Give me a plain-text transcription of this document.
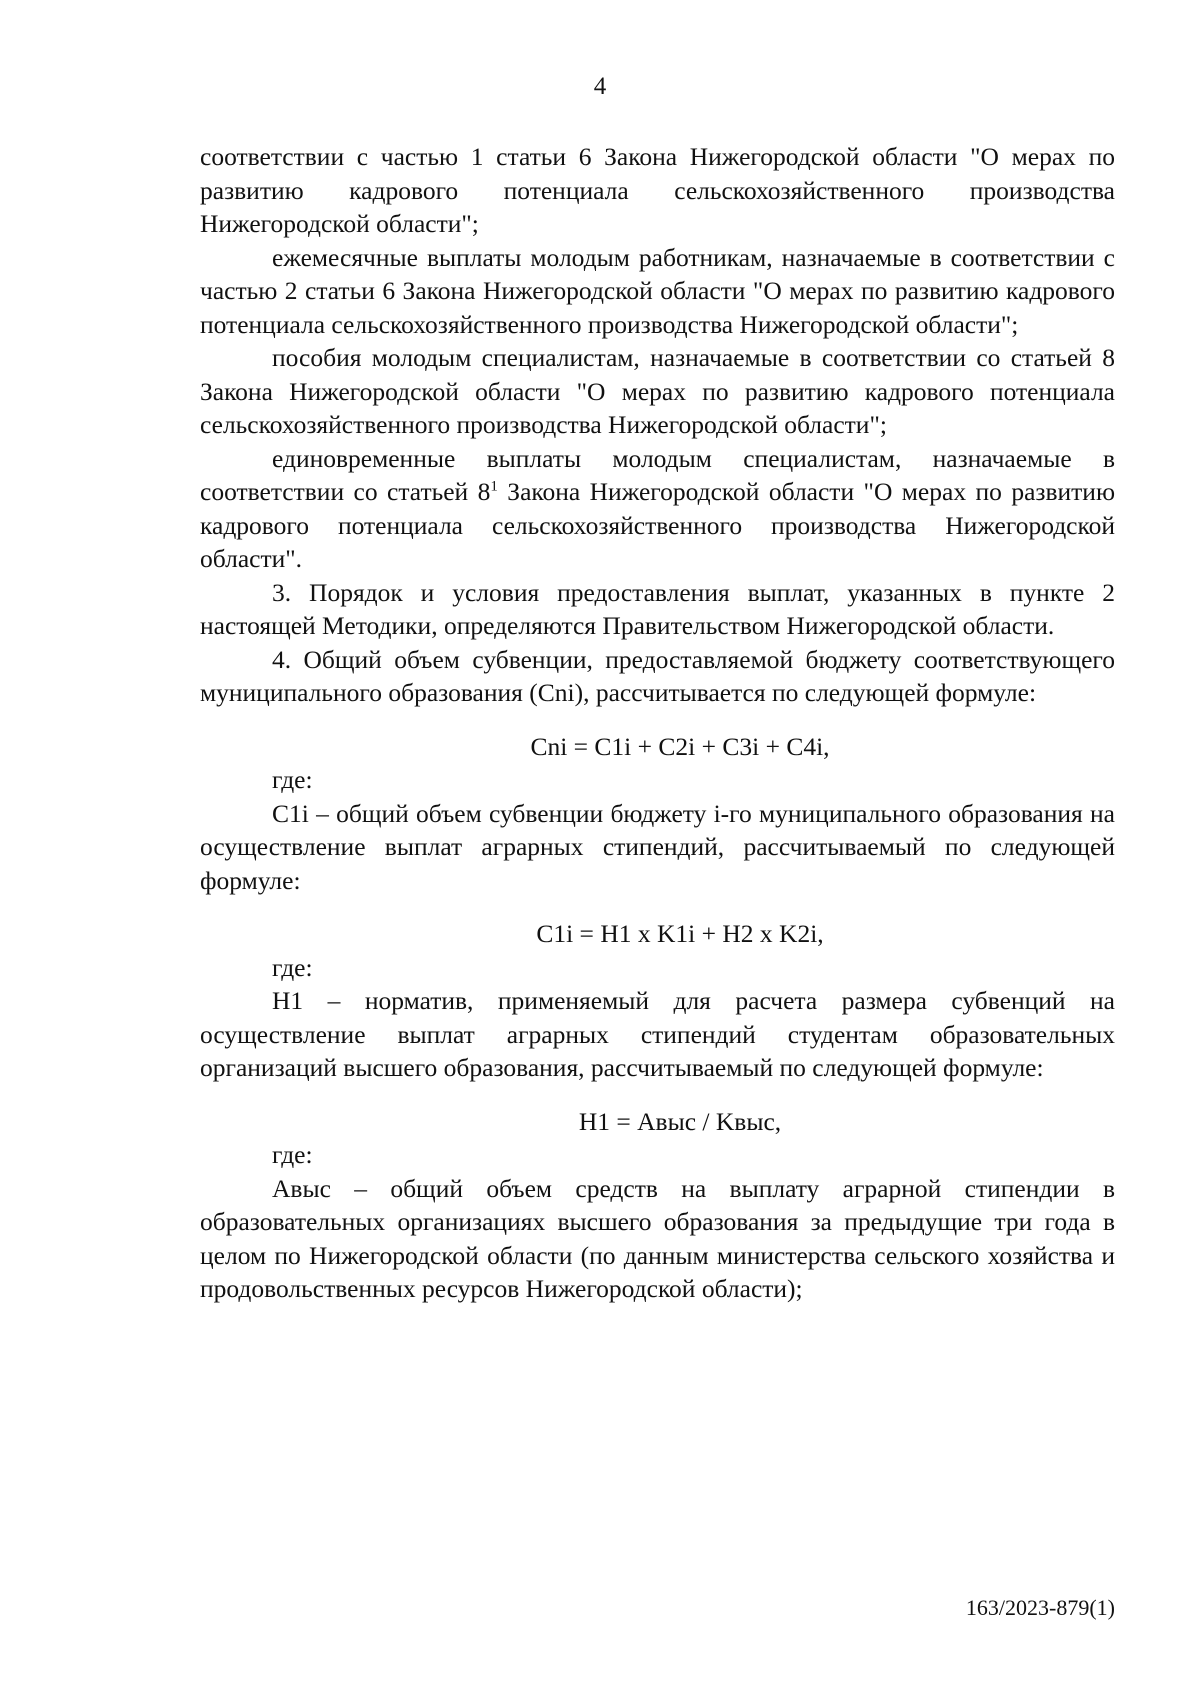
4

соответствии с частью 1 статьи 6 Закона Нижегородской области "О мерах по развитию кадрового потенциала сельскохозяйственного производства Нижегородской области";

ежемесячные выплаты молодым работникам, назначаемые в соответствии с частью 2 статьи 6 Закона Нижегородской области "О мерах по развитию кадрового потенциала сельскохозяйственного производства Нижегородской области";

пособия молодым специалистам, назначаемые в соответствии со статьей 8 Закона Нижегородской области "О мерах по развитию кадрового потенциала сельскохозяйственного производства Нижегородской области";

единовременные выплаты молодым специалистам, назначаемые в соответствии со статьей $8^1$ Закона Нижегородской области "О мерах по развитию кадрового потенциала сельскохозяйственного производства Нижегородской области".

3. Порядок и условия предоставления выплат, указанных в пункте 2 настоящей Методики, определяются Правительством Нижегородской области.

4. Общий объем субвенции, предоставляемой бюджету соответствующего муниципального образования (Cni), рассчитывается по следующей формуле:

Cni = C1i + C2i + C3i + C4i,

где:

C1i – общий объем субвенции бюджету i-го муниципального образования на осуществление выплат аграрных стипендий, рассчитываемый по следующей формуле:

C1i = H1 x K1i + H2 x K2i,

где:

H1 – норматив, применяемый для расчета размера субвенций на осуществление выплат аграрных стипендий студентам образовательных организаций высшего образования, рассчитываемый по следующей формуле:

H1 = Авыс / Kвыс,

где:

Авыс – общий объем средств на выплату аграрной стипендии в образовательных организациях высшего образования за предыдущие три года в целом по Нижегородской области (по данным министерства сельского хозяйства и продовольственных ресурсов Нижегородской области);

163/2023-879(1)
